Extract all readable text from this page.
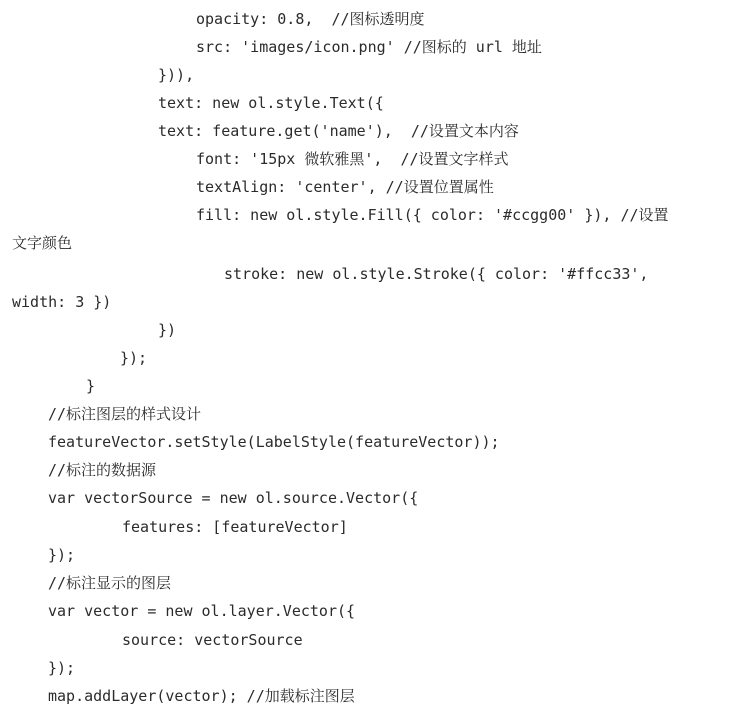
opacity: 0.8,  //图标透明度
src: 'images/icon.png' //图标的 url 地址
})),
text: new ol.style.Text({
text: feature.get('name'),  //设置文本内容
font: '15px 微软雅黑',  //设置文字样式
textAlign: 'center', //设置位置属性
fill: new ol.style.Fill({ color: '#ccgg00' }), //设置
文字颜色
stroke: new ol.style.Stroke({ color: '#ffcc33',
width: 3 })
})
});
}
//标注图层的样式设计
featureVector.setStyle(LabelStyle(featureVector));
//标注的数据源
var vectorSource = new ol.source.Vector({
features: [featureVector]
});
//标注显示的图层
var vector = new ol.layer.Vector({
source: vectorSource
});
map.addLayer(vector); //加载标注图层
